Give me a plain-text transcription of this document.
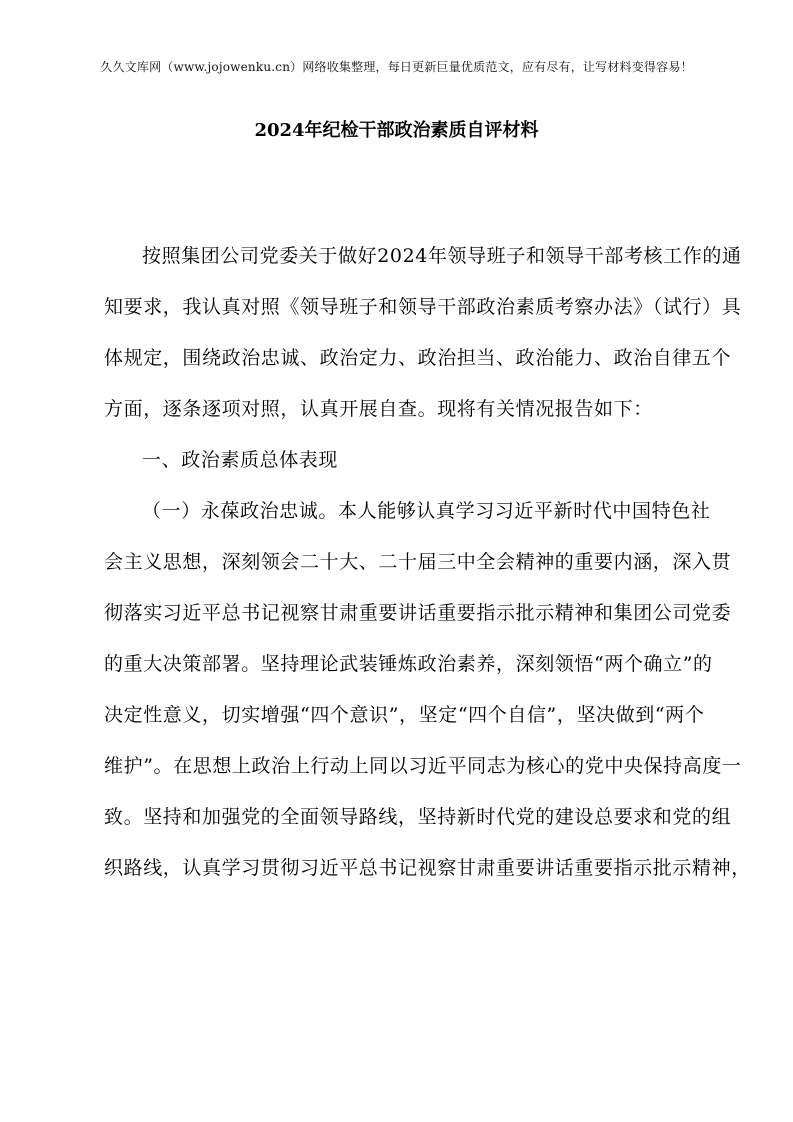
久久文库网（www.jojowenku.cn）网络收集整理，每日更新巨量优质范文，应有尽有，让写材料变得容易！
2024年纪检干部政治素质自评材料
按照集团公司党委关于做好2024年领导班子和领导干部考核工作的通
知要求，我认真对照《领导班子和领导干部政治素质考察办法》（试行）具
体规定，围绕政治忠诚、政治定力、政治担当、政治能力、政治自律五个
方面，逐条逐项对照，认真开展自查。现将有关情况报告如下：
一、政治素质总体表现
（一）永葆政治忠诚。本人能够认真学习习近平新时代中国特色社
会主义思想，深刻领会二十大、二十届三中全会精神的重要内涵，深入贯
彻落实习近平总书记视察甘肃重要讲话重要指示批示精神和集团公司党委
的重大决策部署。坚持理论武装锤炼政治素养，深刻领悟“两个确立”的
决定性意义，切实增强“四个意识”，坚定“四个自信”，坚决做到“两个
维护”。在思想上政治上行动上同以习近平同志为核心的党中央保持高度一
致。坚持和加强党的全面领导路线，坚持新时代党的建设总要求和党的组
织路线，认真学习贯彻习近平总书记视察甘肃重要讲话重要指示批示精神，
